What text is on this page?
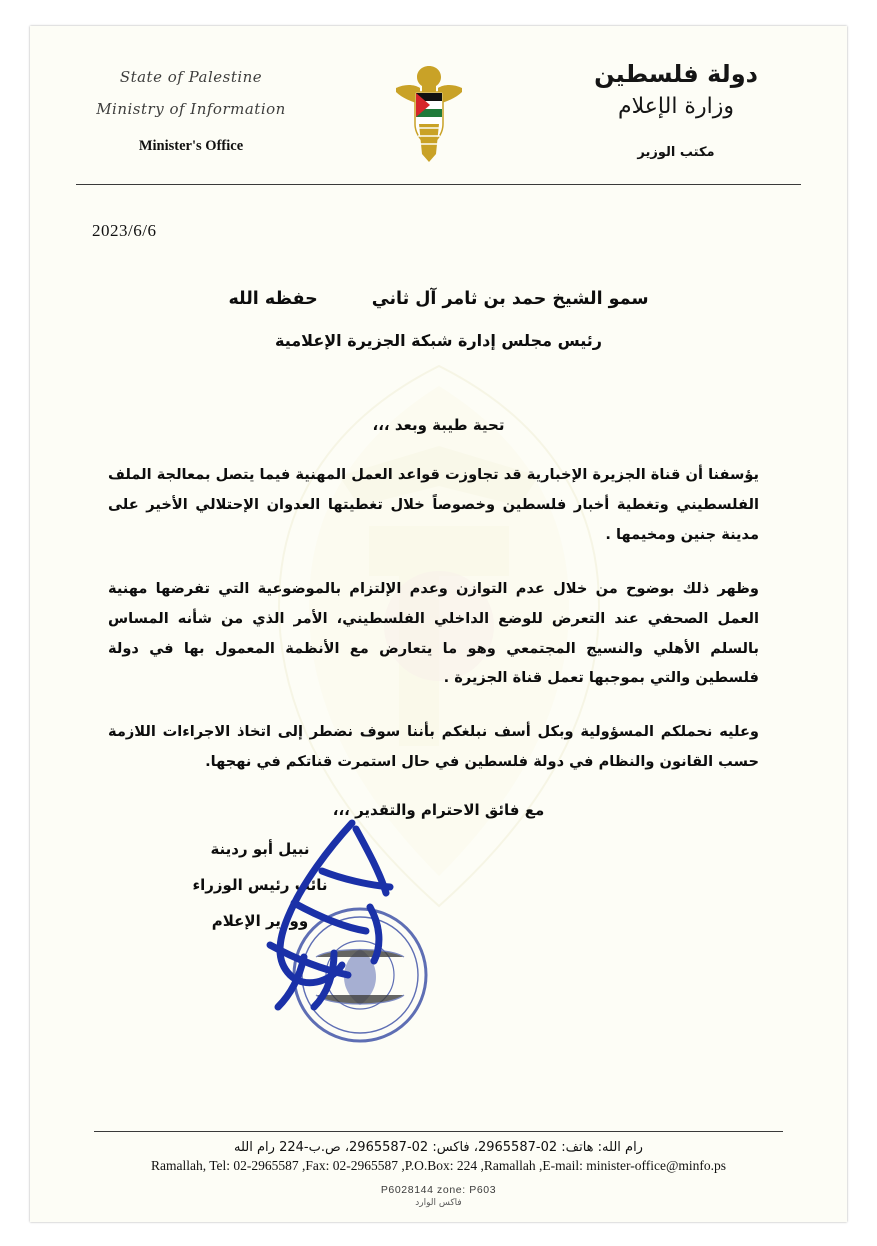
State of Palestine
Ministry of Information
Minister's Office
دولة فلسطين
وزارة الإعلام
مكتب الوزير
2023/6/6
سمو الشيخ حمد بن ثامر آل ثاني
حفظه الله
رئيس مجلس إدارة شبكة الجزيرة الإعلامية
تحية طيبة وبعد ،،،

يؤسفنا أن قناة الجزيرة الإخبارية قد تجاوزت قواعد العمل المهنية فيما يتصل بمعالجة الملف الفلسطيني وتغطية أخبار فلسطين وخصوصاً خلال تغطيتها العدوان الإحتلالي الأخير على مدينة جنين ومخيمها .

وظهر ذلك بوضوح من خلال عدم التوازن وعدم الإلتزام بالموضوعية التي تفرضها مهنية العمل الصحفي عند التعرض للوضع الداخلي الفلسطيني، الأمر الذي من شأنه المساس بالسلم الأهلي والنسيج المجتمعي وهو ما يتعارض مع الأنظمة المعمول بها في دولة فلسطين والتي بموجبها تعمل قناة الجزيرة .

وعليه نحملكم المسؤولية وبكل أسف نبلغكم بأننا سوف نضطر إلى اتخاذ الاجراءات اللازمة حسب القانون والنظام في دولة فلسطين في حال استمرت قناتكم في نهجها.

مع فائق الاحترام والتقدير ،،،
نبيل أبو ردينة
نائب رئيس الوزراء
ووزير الإعلام
رام الله: هاتف: 02-2965587، فاكس: 02-2965587، ص.ب-224 رام الله
Ramallah, Tel: 02-2965587 ,Fax: 02-2965587 ,P.O.Box: 224 ,Ramallah ,E-mail: minister-office@minfo.ps
P6028144 zone: P603
فاكس الوارد
